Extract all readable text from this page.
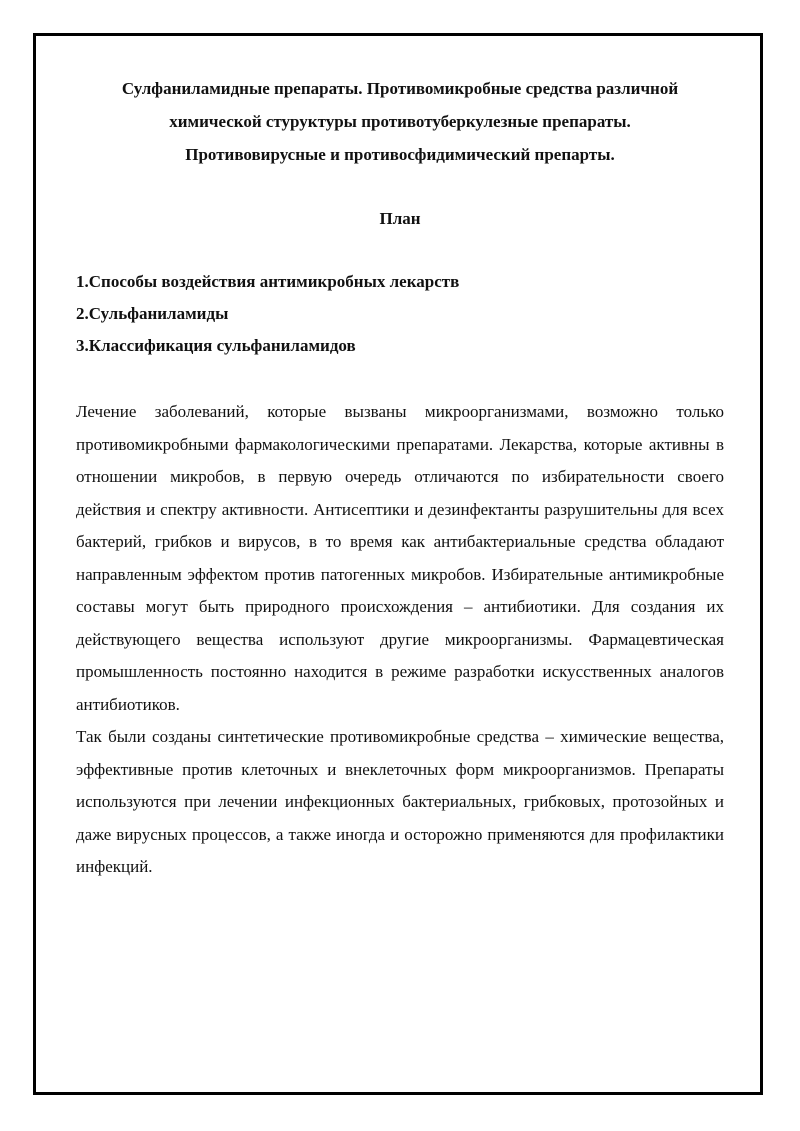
Сулфаниламидные препараты. Противомикробные средства различной
химической стуруктуры противотуберкулезные препараты.
Противовирусные и противосфидимический препарты.
План
1.Способы воздействия антимикробных лекарств
2.Сульфаниламиды
3.Классификация сульфаниламидов

Лечение заболеваний, которые вызваны микроорганизмами, возможно только противомикробными фармакологическими препаратами. Лекарства, которые активны в отношении микробов, в первую очередь отличаются по избирательности своего действия и спектру активности. Антисептики и дезинфектанты разрушительны для всех бактерий, грибков и вирусов, в то время как антибактериальные средства обладают направленным эффектом против патогенных микробов. Избирательные антимикробные составы могут быть природного происхождения – антибиотики. Для создания их действующего вещества используют другие микроорганизмы. Фармацевтическая промышленность постоянно находится в режиме разработки искусственных аналогов антибиотиков.

Так были созданы синтетические противомикробные средства – химические вещества, эффективные против клеточных и внеклеточных форм микроорганизмов. Препараты используются при лечении инфекционных бактериальных, грибковых, протозойных и даже вирусных процессов, а также иногда и осторожно применяются для профилактики инфекций.
